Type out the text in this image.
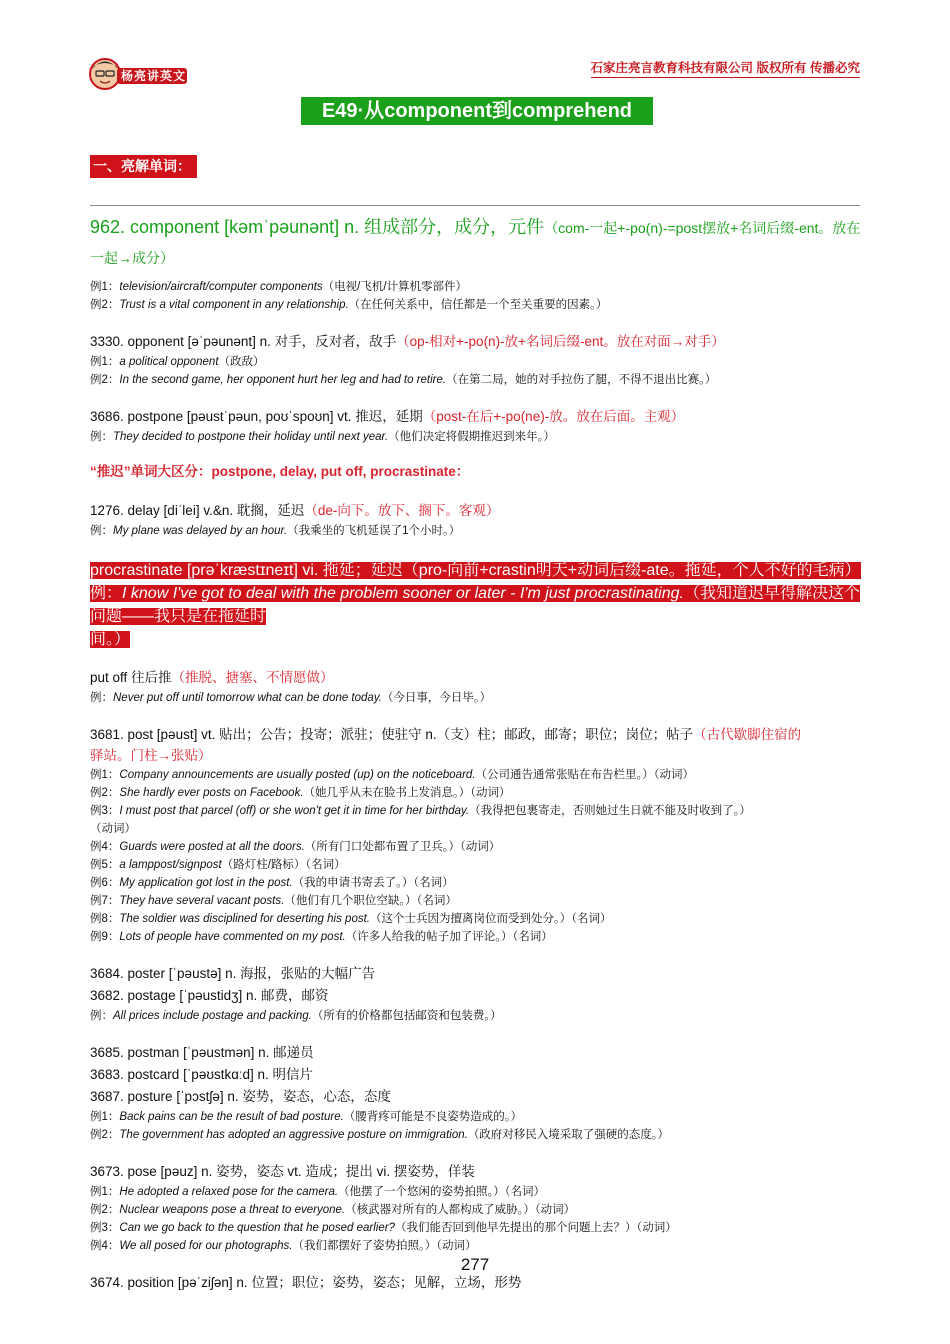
杨亮讲英文
石家庄亮言教育科技有限公司 版权所有 传播必究
E49·从component到comprehend
一、亮解单词：
962. component [kəmˈpəunənt] n. 组成部分，成分，元件（com-一起+-po(n)-=post摆放+名词后缀-ent。放在一起→成分）
例1：television/aircraft/computer components（电视/飞机/计算机零部件）
例2：Trust is a vital component in any relationship.（在任何关系中，信任都是一个至关重要的因素。）
3330. opponent [əˈpəunənt] n. 对手，反对者，敌手（op-相对+-po(n)-放+名词后缀-ent。放在对面→对手）
例1：a political opponent（政敌）
例2：In the second game, her opponent hurt her leg and had to retire.（在第二局，她的对手拉伤了腿，不得不退出比赛。）
3686. postpone [pəustˈpəun, poʊˈspoʊn] vt. 推迟，延期（post-在后+-po(ne)-放。放在后面。主观）
例：They decided to postpone their holiday until next year.（他们决定将假期推迟到来年。）
“推迟”单词大区分：postpone, delay, put off, procrastinate：
1276. delay [diˈlei] v.&n. 耽搁，延迟（de-向下。放下、搁下。客观）
例：My plane was delayed by an hour.（我乘坐的飞机延误了1个小时。）
procrastinate [prəˈkræstɪneɪt] vi. 拖延；延迟（pro-向前+crastin明天+动词后缀-ate。拖延，个人不好的毛病）
例：I know I've got to deal with the problem sooner or later - I'm just procrastinating.（我知道迟早得解决这个问题——我只是在拖延时
间。）
put off 往后推（推脱、搪塞、不情愿做）
例：Never put off until tomorrow what can be done today.（今日事，今日毕。）
3681. post [pəust] vt. 贴出；公告；投寄；派驻；使驻守 n.（支）柱；邮政，邮寄；职位；岗位；帖子（古代歇脚住宿的
驿站。门柱→张贴）
例1：Company announcements are usually posted (up) on the noticeboard.（公司通告通常张贴在布告栏里。）（动词）
例2：She hardly ever posts on Facebook.（她几乎从未在脸书上发消息。）（动词）
例3：I must post that parcel (off) or she won't get it in time for her birthday.（我得把包裹寄走，否则她过生日就不能及时收到了。）
（动词）
例4：Guards were posted at all the doors.（所有门口处都布置了卫兵。）（动词）
例5：a lamppost/signpost（路灯柱/路标）（名词）
例6：My application got lost in the post.（我的申请书寄丢了。）（名词）
例7：They have several vacant posts.（他们有几个职位空缺。）（名词）
例8：The soldier was disciplined for deserting his post.（这个士兵因为擅离岗位而受到处分。）（名词）
例9：Lots of people have commented on my post.（许多人给我的帖子加了评论。）（名词）
3684. poster [ˈpəustə] n. 海报，张贴的大幅广告
3682. postage [ˈpəustidʒ] n. 邮费，邮资
例：All prices include postage and packing.（所有的价格都包括邮资和包装费。）
3685. postman [ˈpəustmən] n. 邮递员
3683. postcard [ˈpəʊstkɑːd] n. 明信片
3687. posture [ˈpɔstʃə] n. 姿势，姿态，心态，态度
例1：Back pains can be the result of bad posture.（腰背疼可能是不良姿势造成的。）
例2：The government has adopted an aggressive posture on immigration.（政府对移民入境采取了强硬的态度。）
3673. pose [pəuz] n. 姿势，姿态 vt. 造成；提出 vi. 摆姿势，佯装
例1：He adopted a relaxed pose for the camera.（他摆了一个悠闲的姿势拍照。）（名词）
例2：Nuclear weapons pose a threat to everyone.（核武器对所有的人都构成了威胁。）（动词）
例3：Can we go back to the question that he posed earlier?（我们能否回到他早先提出的那个问题上去？）（动词）
例4：We all posed for our photographs.（我们都摆好了姿势拍照。）（动词）
3674. position [pəˈziʃən] n. 位置；职位；姿势，姿态；见解，立场，形势
277
